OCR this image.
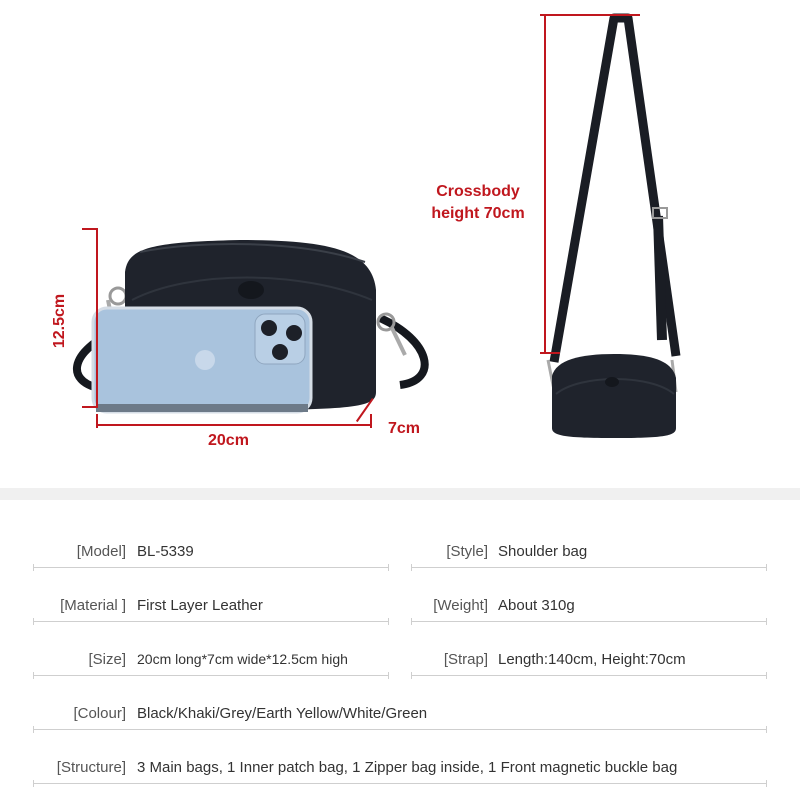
12.5cm
20cm
7cm
Crossbody
height 70cm
[Model] BL-5339	[Style] Shoulder bag
[Material ] First Layer Leather	[Weight] About 310g
[Size] 20cm long*7cm wide*12.5cm high	[Strap] Length:140cm, Height:70cm
[Colour] Black/Khaki/Grey/Earth Yellow/White/Green
[Structure] 3 Main bags, 1 Inner patch bag, 1 Zipper bag inside, 1 Front magnetic buckle bag
